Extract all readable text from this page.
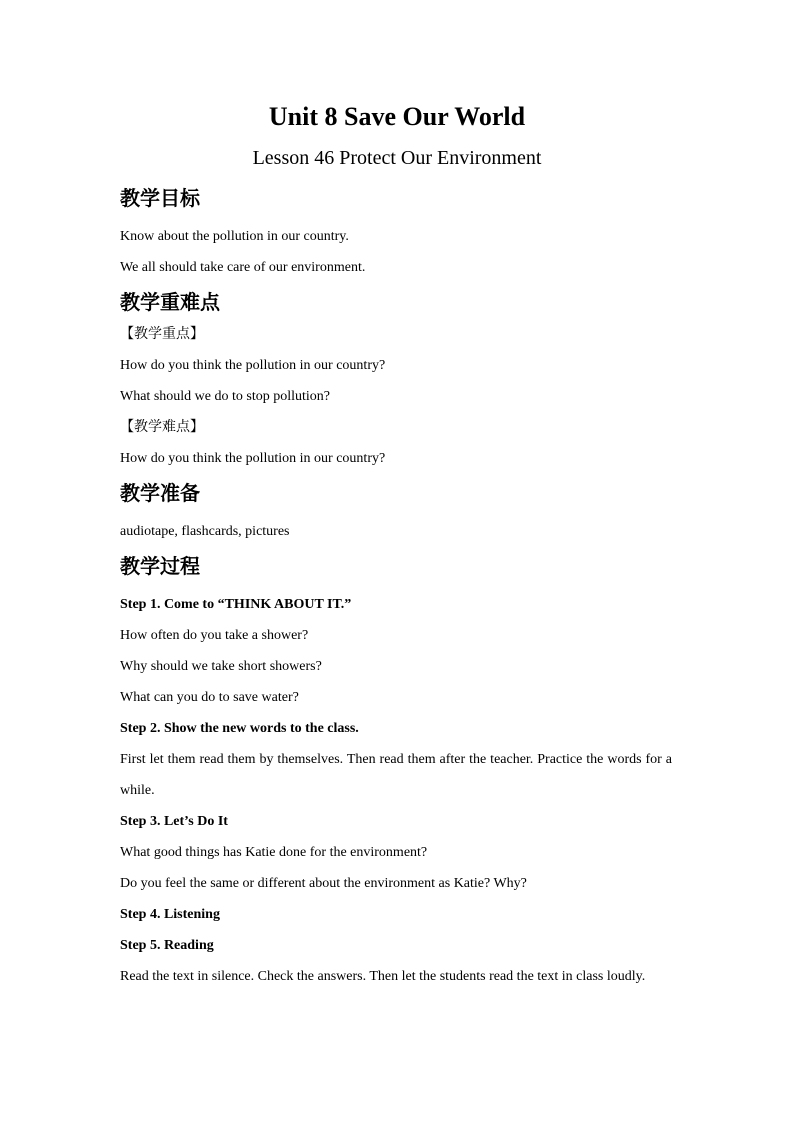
Unit 8 Save Our World
Lesson 46 Protect Our Environment
教学目标

Know about the pollution in our country.

We all should take care of our environment.

教学重难点

【教学重点】

How do you think the pollution in our country?

What should we do to stop pollution?

【教学难点】

How do you think the pollution in our country?

教学准备

audiotape, flashcards, pictures

教学过程

Step 1. Come to “THINK ABOUT IT.”

How often do you take a shower?

Why should we take short showers?

What can you do to save water?

Step 2. Show the new words to the class.

First let them read them by themselves. Then read them after the teacher. Practice the words for a while.

Step 3. Let’s Do It

What good things has Katie done for the environment?

Do you feel the same or different about the environment as Katie? Why?

Step 4. Listening

Step 5. Reading

Read the text in silence. Check the answers. Then let the students read the text in class loudly.
